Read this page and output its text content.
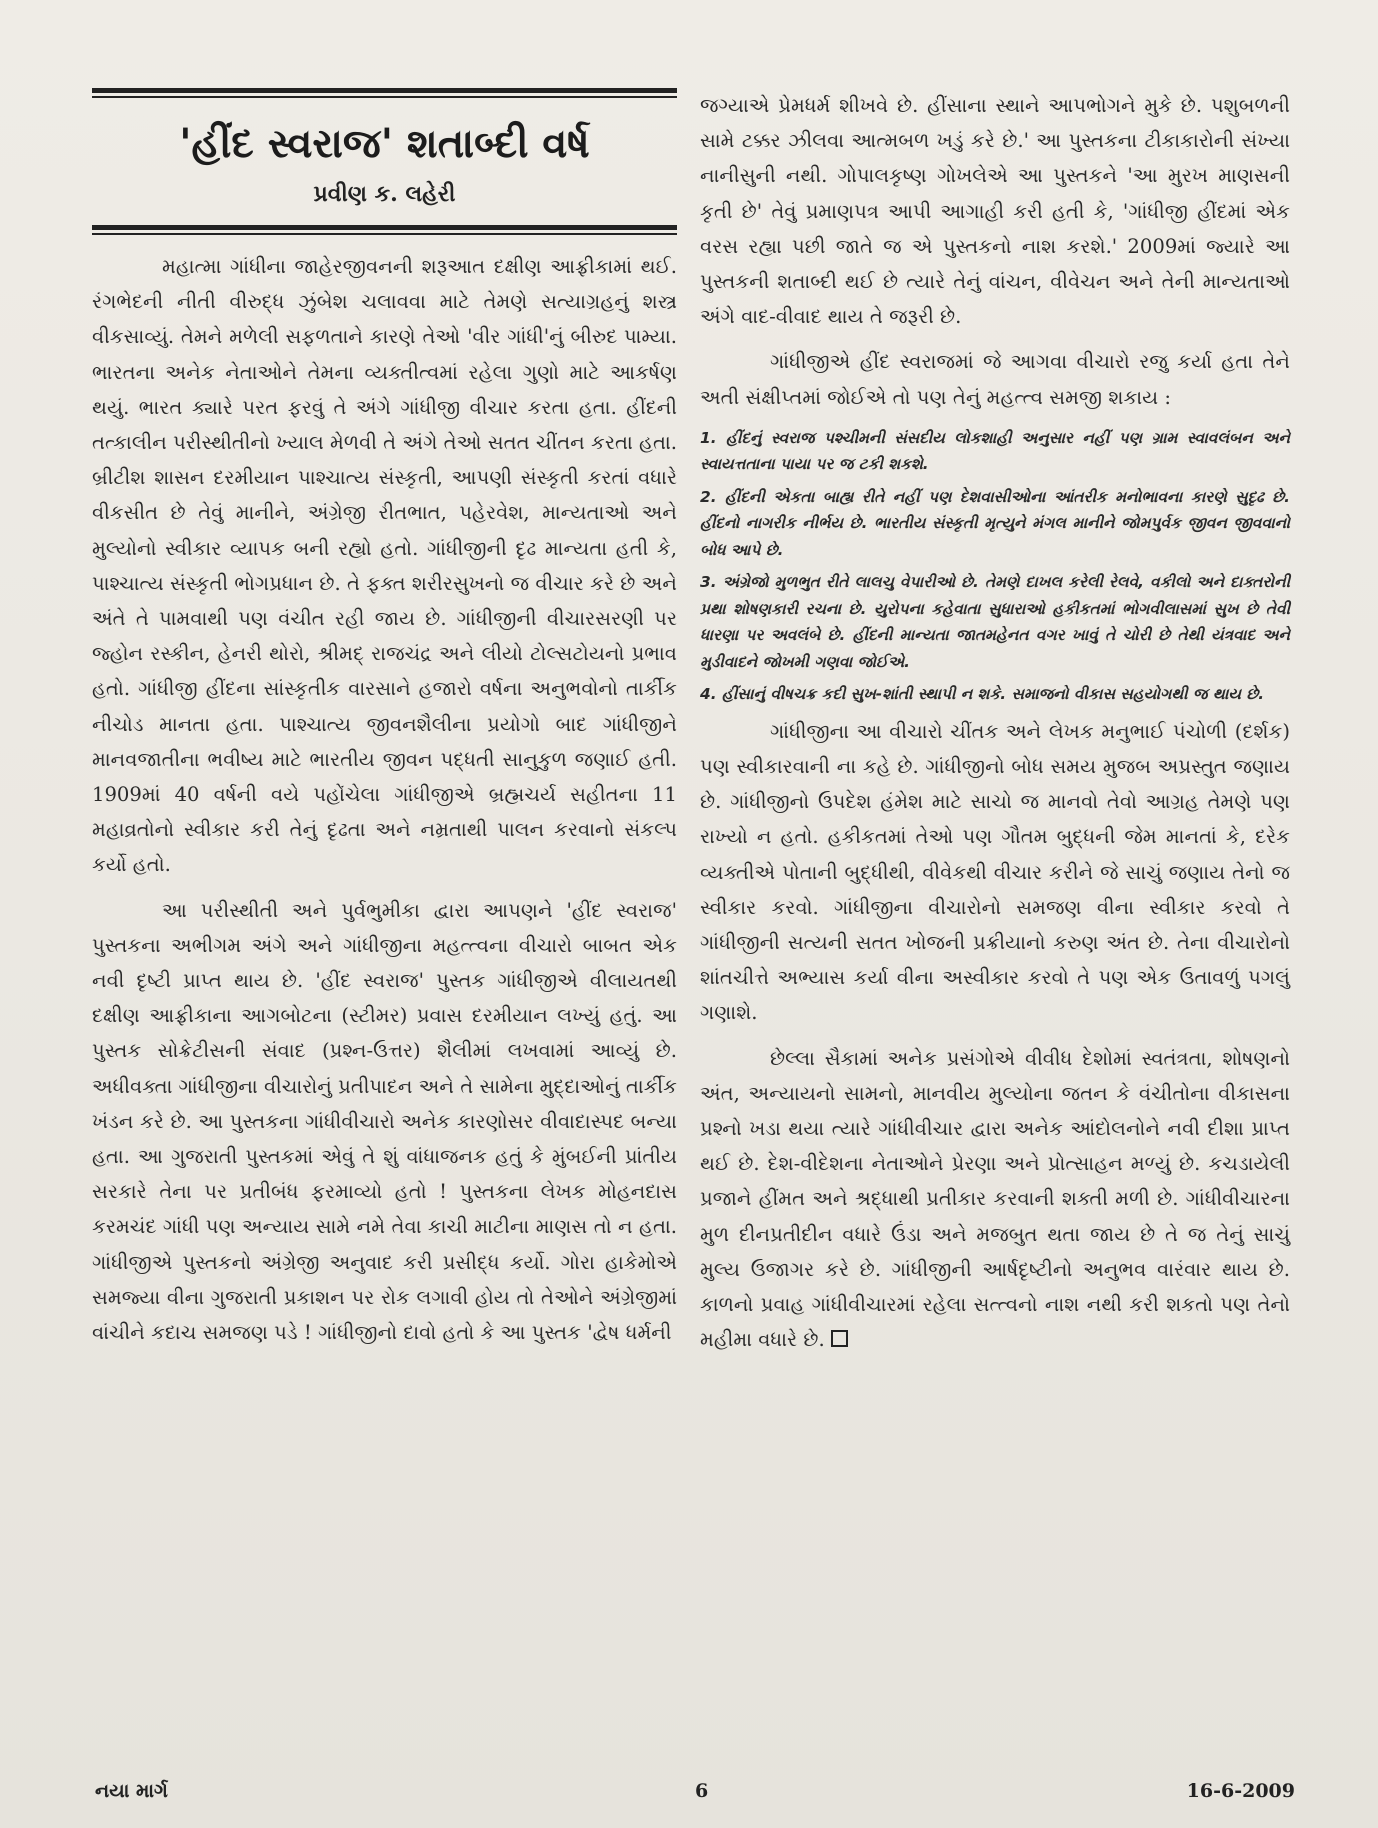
'હીંદ સ્વરાજ' શતાબ્દી વર્ષ
પ્રવીણ ક. લહેરી

મહાત્મા ગાંધીના જાહેરજીવનની શરૂઆત દક્ષીણ આફ્રીકામાં થઈ. રંગભેદની નીતી વીરુદ્ધ ઝુંબેશ ચલાવવા માટે તેમણે સત્યાગ્રહનું શસ્ત્ર વીકસાવ્યું. તેમને મળેલી સફળતાને કારણે તેઓ 'વીર ગાંધી'નું બીરુદ પામ્યા. ભારતના અનેક નેતાઓને તેમના વ્યક્તીત્વમાં રહેલા ગુણો માટે આકર્ષણ થયું. ભારત ક્યારે પરત ફરવું તે અંગે ગાંધીજી વીચાર કરતા હતા. હીંદની તત્કાલીન પરીસ્થીતીનો ખ્યાલ મેળવી તે અંગે તેઓ સતત ચીંતન કરતા હતા. બ્રીટીશ શાસન દરમીયાન પાશ્ચાત્ય સંસ્કૃતી, આપણી સંસ્કૃતી કરતાં વધારે વીકસીત છે તેવું માનીને, અંગ્રેજી રીતભાત, પહેરવેશ, માન્યતાઓ અને મુલ્યોનો સ્વીકાર વ્યાપક બની રહ્યો હતો. ગાંધીજીની દૃઢ માન્યતા હતી કે, પાશ્ચાત્ય સંસ્કૃતી ભોગપ્રધાન છે. તે ફક્ત શરીરસુખનો જ વીચાર કરે છે અને અંતે તે પામવાથી પણ વંચીત રહી જાય છે. ગાંધીજીની વીચારસરણી પર જ્હોન રસ્કીન, હેનરી થોરો, શ્રીમદ્ રાજચંદ્ર અને લીયો ટોલ્સટોયનો પ્રભાવ હતો. ગાંધીજી હીંદના સાંસ્કૃતીક વારસાને હજારો વર્ષના અનુભવોનો તાર્કીક નીચોડ માનતા હતા. પાશ્ચાત્ય જીવનશૈલીના પ્રયોગો બાદ ગાંધીજીને માનવજાતીના ભવીષ્ય માટે ભારતીય જીવન પદ્ધતી સાનુકુળ જણાઈ હતી. 1909માં 40 વર્ષની વયે પહોંચેલા ગાંધીજીએ બ્રહ્મચર્ય સહીતના 11 મહાવ્રતોનો સ્વીકાર કરી તેનું દૃઢતા અને નમ્રતાથી પાલન કરવાનો સંકલ્પ કર્યો હતો.

આ પરીસ્થીતી અને પુર્વભુમીકા દ્વારા આપણને 'હીંદ સ્વરાજ' પુસ્તકના અભીગમ અંગે અને ગાંધીજીના મહત્ત્વના વીચારો બાબત એક નવી દૃષ્ટી પ્રાપ્ત થાય છે. 'હીંદ સ્વરાજ' પુસ્તક ગાંધીજીએ વીલાયતથી દક્ષીણ આફ્રીકાના આગબોટના (સ્ટીમર) પ્રવાસ દરમીયાન લખ્યું હતું. આ પુસ્તક સોક્રેટીસની સંવાદ (પ્રશ્ન-ઉત્તર) શૈલીમાં લખવામાં આવ્યું છે. અધીવક્તા ગાંધીજીના વીચારોનું પ્રતીપાદન અને તે સામેના મુદ્દાઓનું તાર્કીક ખંડન કરે છે. આ પુસ્તકના ગાંધીવીચારો અનેક કારણોસર વીવાદાસ્પદ બન્યા હતા. આ ગુજરાતી પુસ્તકમાં એવું તે શું વાંધાજનક હતું કે મુંબઈની પ્રાંતીય સરકારે તેના પર પ્રતીબંધ ફરમાવ્યો હતો ! પુસ્તકના લેખક મોહનદાસ કરમચંદ ગાંધી પણ અન્યાય સામે નમે તેવા કાચી માટીના માણસ તો ન હતા. ગાંધીજીએ પુસ્તકનો અંગ્રેજી અનુવાદ કરી પ્રસીદ્ધ કર્યો. ગોરા હાકેમોએ સમજ્યા વીના ગુજરાતી પ્રકાશન પર રોક લગાવી હોય તો તેઓને અંગ્રેજીમાં વાંચીને કદાચ સમજણ પડે ! ગાંધીજીનો દાવો હતો કે આ પુસ્તક 'દ્વેષ ધર્મની

જગ્યાએ પ્રેમધર્મ શીખવે છે. હીંસાના સ્થાને આપભોગને મુકે છે. પશુબળની સામે ટક્કર ઝીલવા આત્મબળ ખડું કરે છે.' આ પુસ્તકના ટીકાકારોની સંખ્યા નાનીસુની નથી. ગોપાલકૃષ્ણ ગોખલેએ આ પુસ્તકને 'આ મુરખ માણસની કૃતી છે' તેવું પ્રમાણપત્ર આપી આગાહી કરી હતી કે, 'ગાંધીજી હીંદમાં એક વરસ રહ્યા પછી જાતે જ એ પુસ્તકનો નાશ કરશે.' 2009માં જ્યારે આ પુસ્તકની શતાબ્દી થઈ છે ત્યારે તેનું વાંચન, વીવેચન અને તેની માન્યતાઓ અંગે વાદ-વીવાદ થાય તે જરૂરી છે.

ગાંધીજીએ હીંદ સ્વરાજમાં જે આગવા વીચારો રજુ કર્યા હતા તેને અતી સંક્ષીપ્તમાં જોઈએ તો પણ તેનું મહત્ત્વ સમજી શકાય :

1. હીંદનું સ્વરાજ પશ્ચીમની સંસદીય લોકશાહી અનુસાર નહીં પણ ગ્રામ સ્વાવલંબન અને સ્વાયત્તતાના પાયા પર જ ટકી શકશે.

2. હીંદની એકતા બાહ્ય રીતે નહીં પણ દેશવાસીઓના આંતરીક મનોભાવના કારણે સુદૃઢ છે. હીંદનો નાગરીક નીર્ભય છે. ભારતીય સંસ્કૃતી મૃત્યુને મંગલ માનીને જોમપુર્વક જીવન જીવવાનો બોધ આપે છે.

3. અંગ્રેજો મુળભુત રીતે લાલચુ વેપારીઓ છે. તેમણે દાખલ કરેલી રેલવે, વકીલો અને દાક્તરોની પ્રથા શોષણકારી રચના છે. યુરોપના કહેવાતા સુધારાઓ હકીકતમાં ભોગવીલાસમાં સુખ છે તેવી ધારણા પર અવલંબે છે. હીંદની માન્યતા જાતમહેનત વગર ખાવું તે ચોરી છે તેથી યંત્રવાદ અને મુડીવાદને જોખમી ગણવા જોઈએ.

4. હીંસાનું વીષચક્ર કદી સુખ-શાંતી સ્થાપી ન શકે. સમાજનો વીકાસ સહયોગથી જ થાય છે.

ગાંધીજીના આ વીચારો ચીંતક અને લેખક મનુભાઈ પંચોળી (દર્શક) પણ સ્વીકારવાની ના કહે છે. ગાંધીજીનો બોધ સમય મુજબ અપ્રસ્તુત જણાય છે. ગાંધીજીનો ઉપદેશ હંમેશ માટે સાચો જ માનવો તેવો આગ્રહ તેમણે પણ રાખ્યો ન હતો. હકીકતમાં તેઓ પણ ગૌતમ બુદ્ધની જેમ માનતાં કે, દરેક વ્યક્તીએ પોતાની બુદ્ધીથી, વીવેકથી વીચાર કરીને જે સાચું જણાય તેનો જ સ્વીકાર કરવો. ગાંધીજીના વીચારોનો સમજણ વીના સ્વીકાર કરવો તે ગાંધીજીની સત્યની સતત ખોજની પ્રક્રીયાનો કરુણ અંત છે. તેના વીચારોનો શાંતચીત્તે અભ્યાસ કર્યા વીના અસ્વીકાર કરવો તે પણ એક ઉતાવળું પગલું ગણાશે.

છેલ્લા સૈકામાં અનેક પ્રસંગોએ વીવીધ દેશોમાં સ્વતંત્રતા, શોષણનો અંત, અન્યાયનો સામનો, માનવીય મુલ્યોના જતન કે વંચીતોના વીકાસના પ્રશ્નો ખડા થયા ત્યારે ગાંધીવીચાર દ્વારા અનેક આંદોલનોને નવી દીશા પ્રાપ્ત થઈ છે. દેશ-વીદેશના નેતાઓને પ્રેરણા અને પ્રોત્સાહન મળ્યું છે. કચડાયેલી પ્રજાને હીંમત અને શ્રદ્ધાથી પ્રતીકાર કરવાની શક્તી મળી છે. ગાંધીવીચારના મુળ દીનપ્રતીદીન વધારે ઉંડા અને મજબુત થતા જાય છે તે જ તેનું સાચું મુલ્ય ઉજાગર કરે છે. ગાંધીજીની આર્ષદૃષ્ટીનો અનુભવ વારંવાર થાય છે. કાળનો પ્રવાહ ગાંધીવીચારમાં રહેલા સત્ત્વનો નાશ નથી કરી શકતો પણ તેનો મહીમા વધારે છે.

નયા માર્ગ	6	16-6-2009
